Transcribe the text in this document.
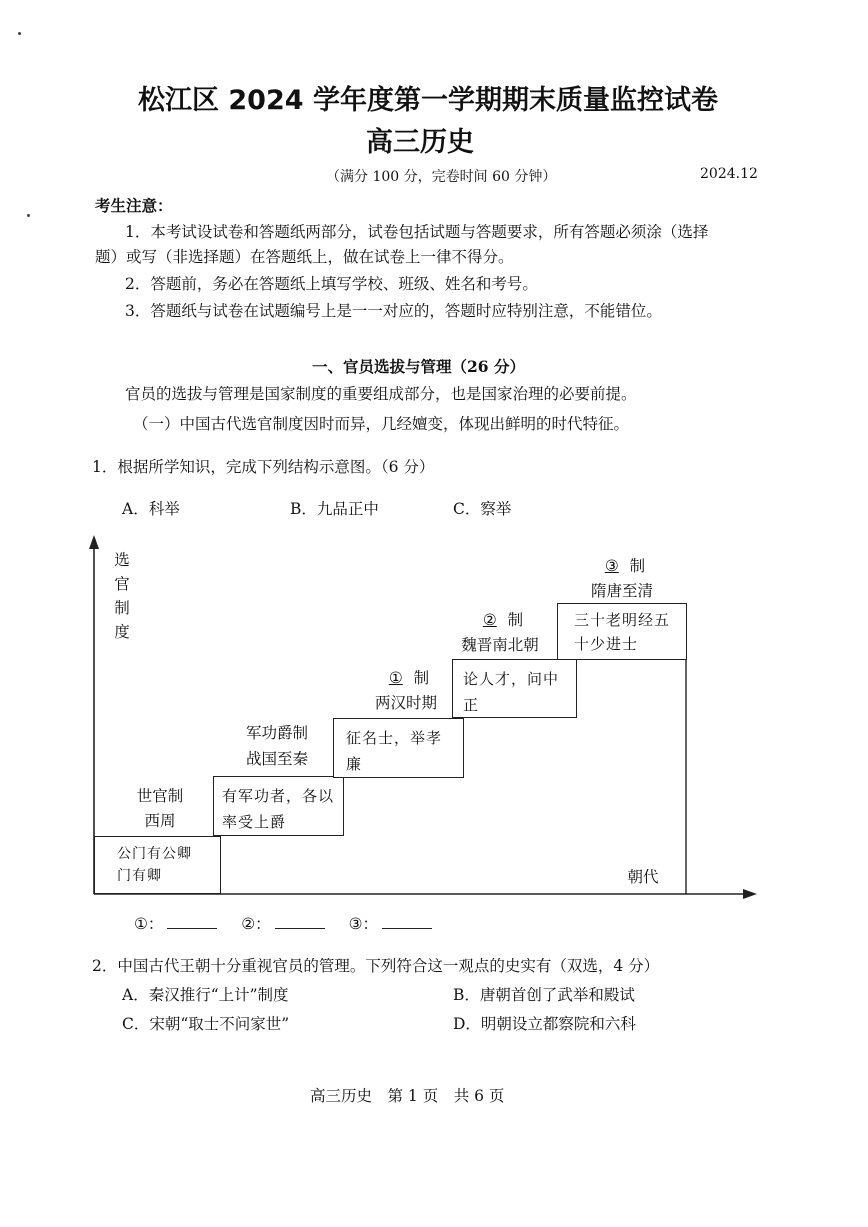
松江区 2024 学年度第一学期期末质量监控试卷
高三历史
（满分 100 分，完卷时间 60 分钟）	2024.12
考生注意：
1．本考试设试卷和答题纸两部分，试卷包括试题与答题要求，所有答题必须涂（选择
题）或写（非选择题）在答题纸上，做在试卷上一律不得分。
2．答题前，务必在答题纸上填写学校、班级、姓名和考号。
3．答题纸与试卷在试题编号上是一一对应的，答题时应特别注意，不能错位。
一、官员选拔与管理（26 分）
官员的选拔与管理是国家制度的重要组成部分，也是国家治理的必要前提。
（一）中国古代选官制度因时而异，几经嬗变，体现出鲜明的时代特征。
1．根据所学知识，完成下列结构示意图。（6 分）
A．科举	B．九品正中	C．察举
选
官
制
度
世官制
西周
公门有公卿门有卿
军功爵制
战国至秦
有军功者，各以率受上爵
① 制
两汉时期
征名士，举孝廉
② 制
魏晋南北朝
论人才，问中正
③ 制
隋唐至清
三十老明经五十少进士
朝代
①：	②：	③：
2．中国古代王朝十分重视官员的管理。下列符合这一观点的史实有（双选，4 分）
A．秦汉推行“上计”制度	B．唐朝首创了武举和殿试
C．宋朝“取士不问家世”	D．明朝设立都察院和六科
高三历史　第 1 页　共 6 页
